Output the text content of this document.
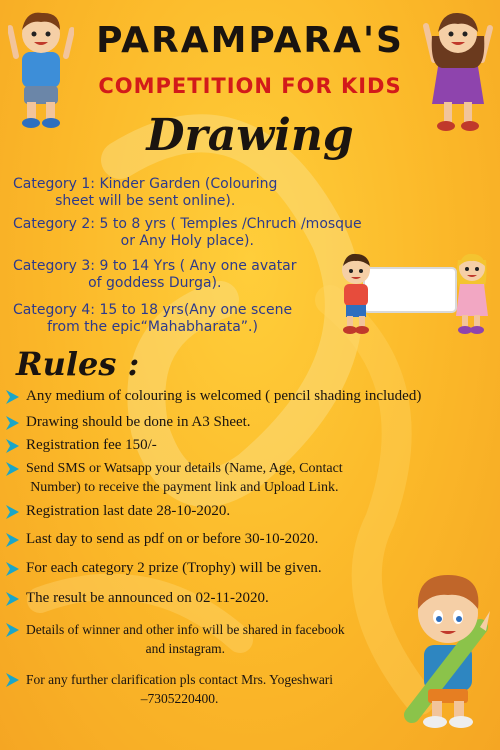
PARAMPARA'S
COMPETITION FOR KIDS
Drawing
Category 1: Kinder Garden (Colouring
sheet will be sent online).
Category 2: 5 to 8 yrs ( Temples /Chruch /mosque
or Any Holy place).
Category 3: 9 to 14 Yrs ( Any one avatar
of goddess Durga).
Category 4: 15 to 18 yrs(Any one scene
from the epic“Mahabharata”.)
Rules :
Any medium of colouring is welcomed ( pencil shading included)
Drawing should be done in A3 Sheet.
Registration fee 150/-
Send SMS or Watsapp your details (Name, Age, Contact
Number) to receive the payment link and Upload Link.
Registration last date 28-10-2020.
Last day to send as pdf on or before 30-10-2020.
For each category 2 prize (Trophy) will be given.
The result be announced on 02-11-2020.
Details of winner and other info will be shared in facebook
and instagram.
For any further clarification pls contact Mrs. Yogeshwari
–7305220400.
